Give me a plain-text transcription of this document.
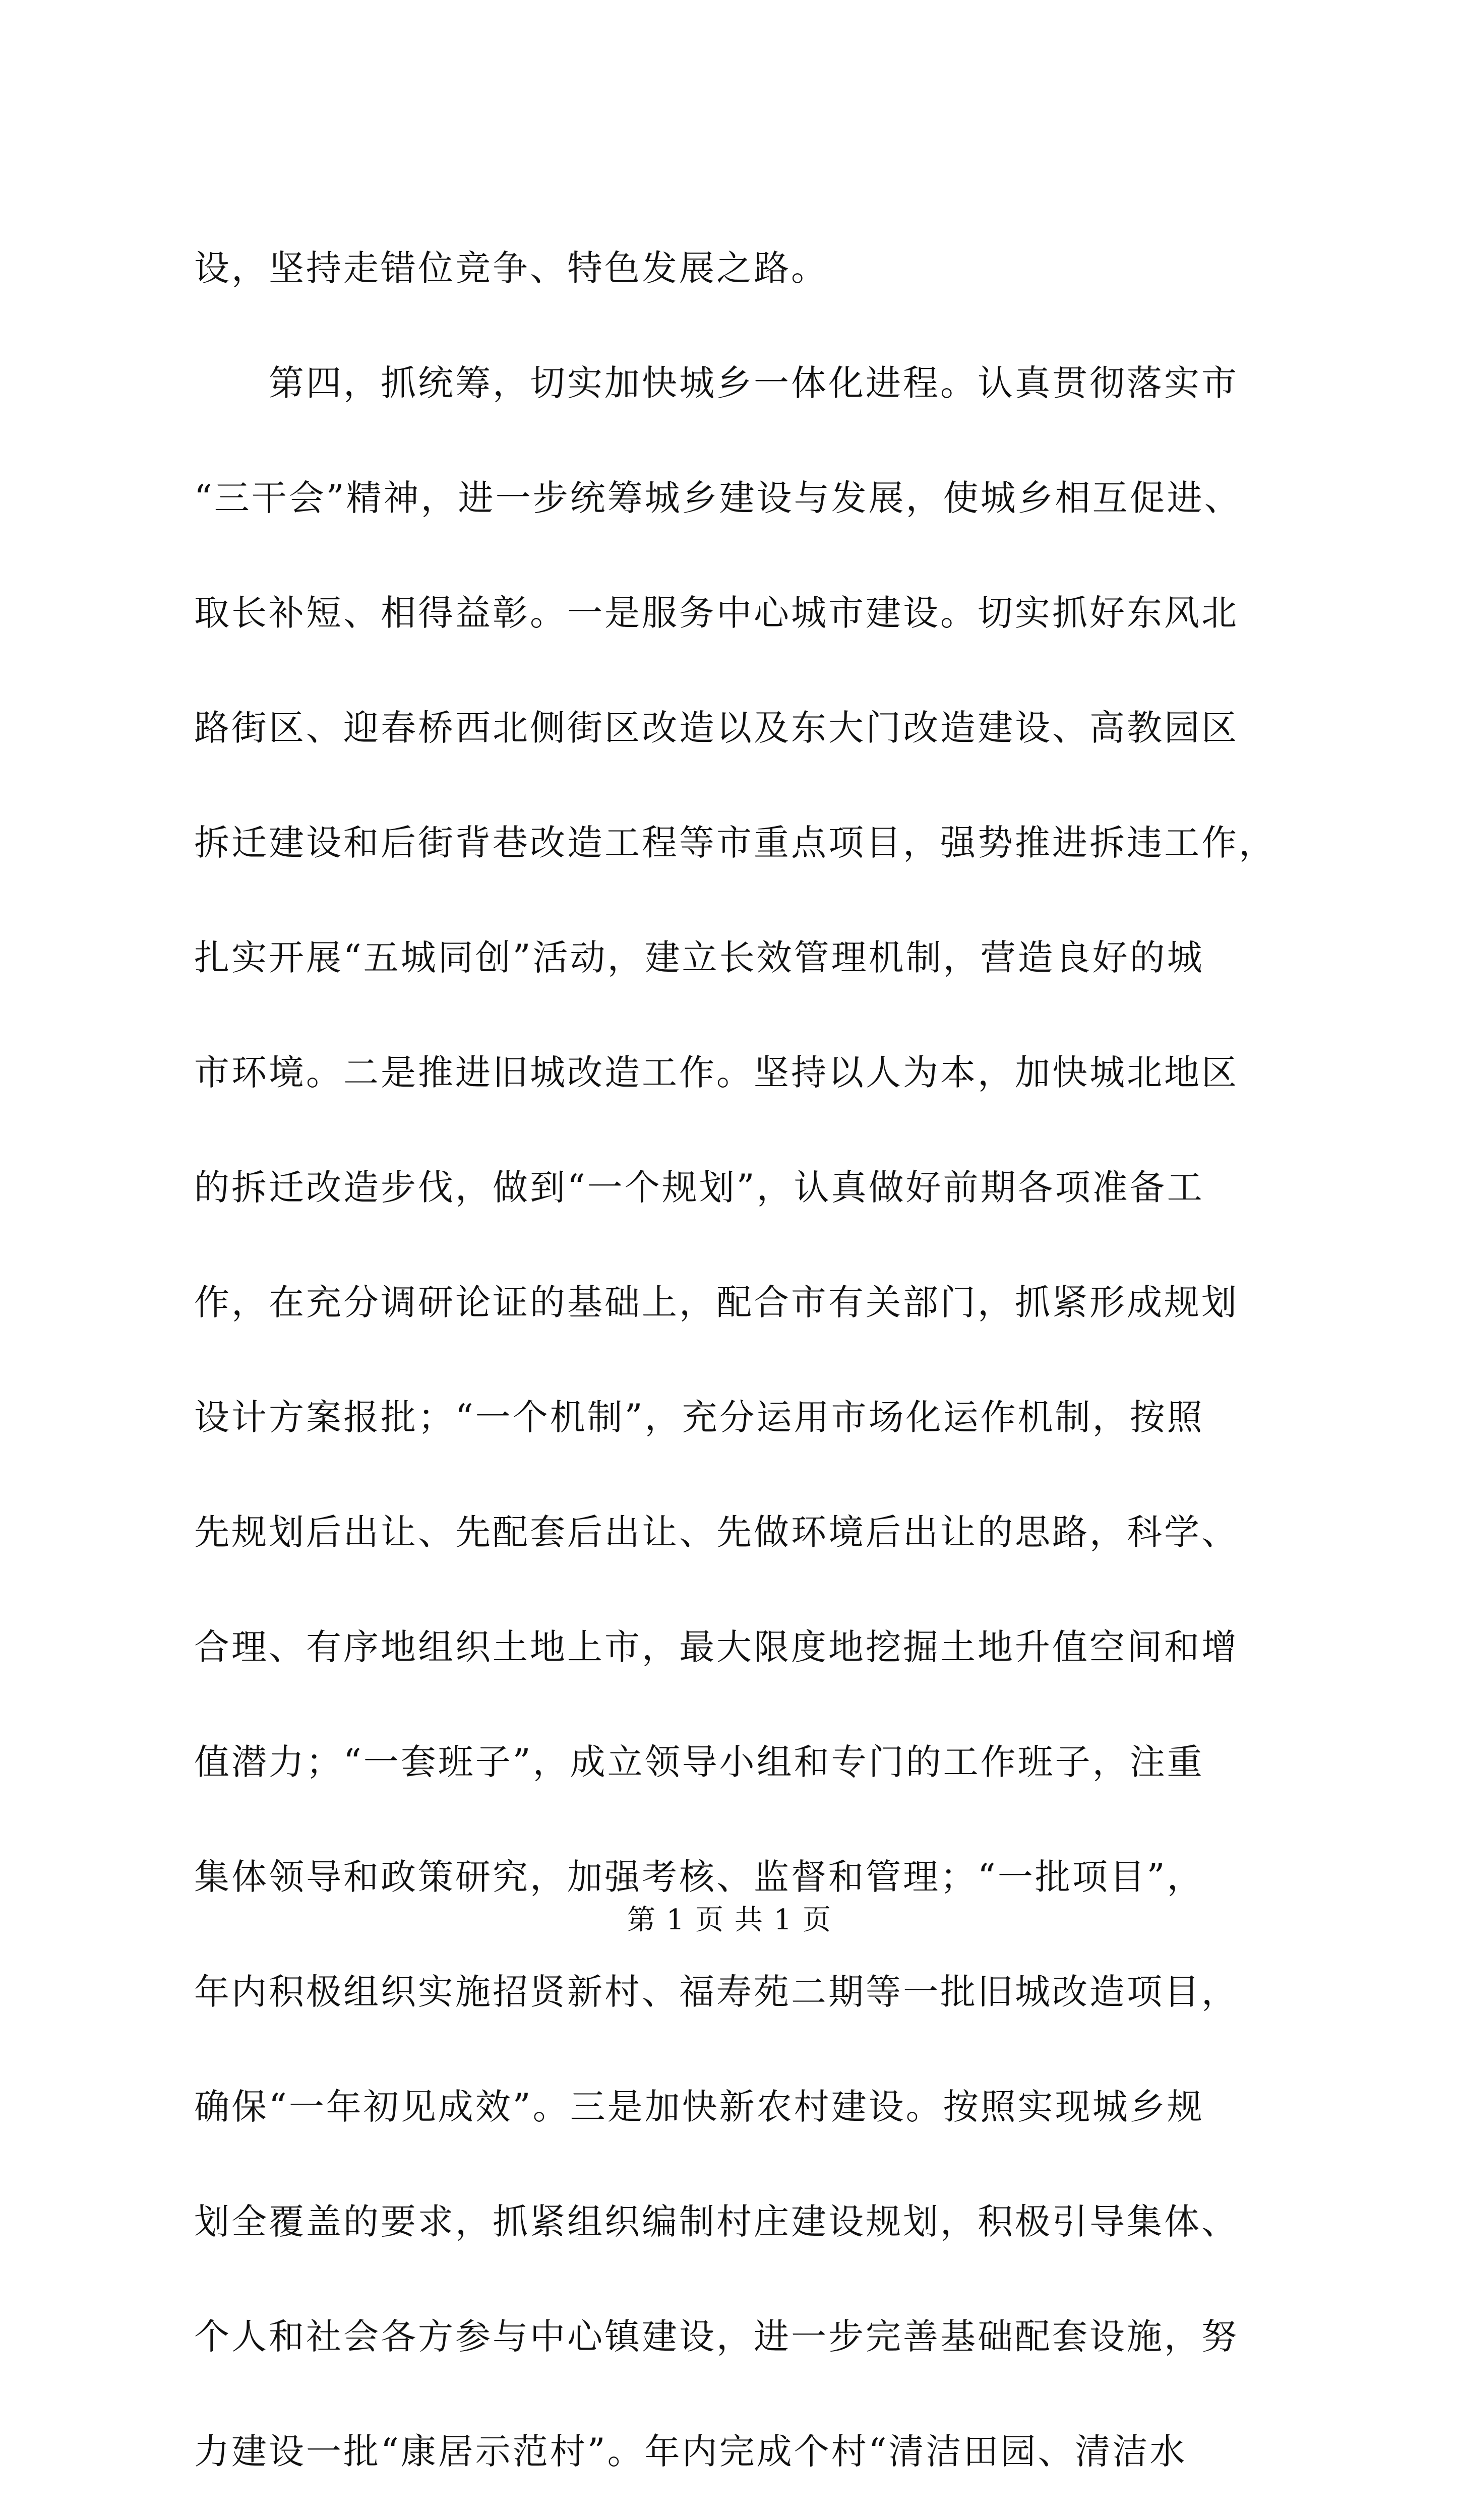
设，坚持走错位竞争、特色发展之路。
　　第四，抓统筹，切实加快城乡一体化进程。认真贯彻落实市
“三干会”精神，进一步统筹城乡建设与发展，使城乡相互促进、
取长补短、相得益彰。一是服务中心城市建设。切实抓好东风北
路街区、迎春桥西北侧街区改造以及东大门改造建设、高教园区
拆迁建设和后街背巷改造工程等市重点项目，强势推进拆违工作，
扎实开展“五城同创”活动，建立长效管理机制，营造良好的城
市环境。二是推进旧城改造工作。坚持以人为本，加快城北地区
的拆迁改造步伐，做到“一个规划”，认真做好前期各项准备工
作，在充分调研论证的基础上，配合市有关部门，抓紧形成规划
设计方案报批；“一个机制”，充分运用市场化运作机制，按照
先规划后出让、先配套后出让、先做环境后出让的思路，科学、
合理、有序地组织土地上市，最大限度地挖掘土地升值空间和增
值潜力；“一套班子”，成立领导小组和专门的工作班子，注重
集体领导和政策研究，加强考核、监督和管理；“一批项目”，
年内积极组织实施招贤新村、福寿苑二期等一批旧城改造项目，
确保“一年初见成效”。三是加快新农村建设。按照实现城乡规
划全覆盖的要求，抓紧组织编制村庄建设规划，积极引导集体、
个人和社会各方参与中心镇建设，进一步完善基础配套设施，努
力建设一批“康居示范村”。年内完成个村“清洁田园、清洁水
第 1 页 共 1 页
